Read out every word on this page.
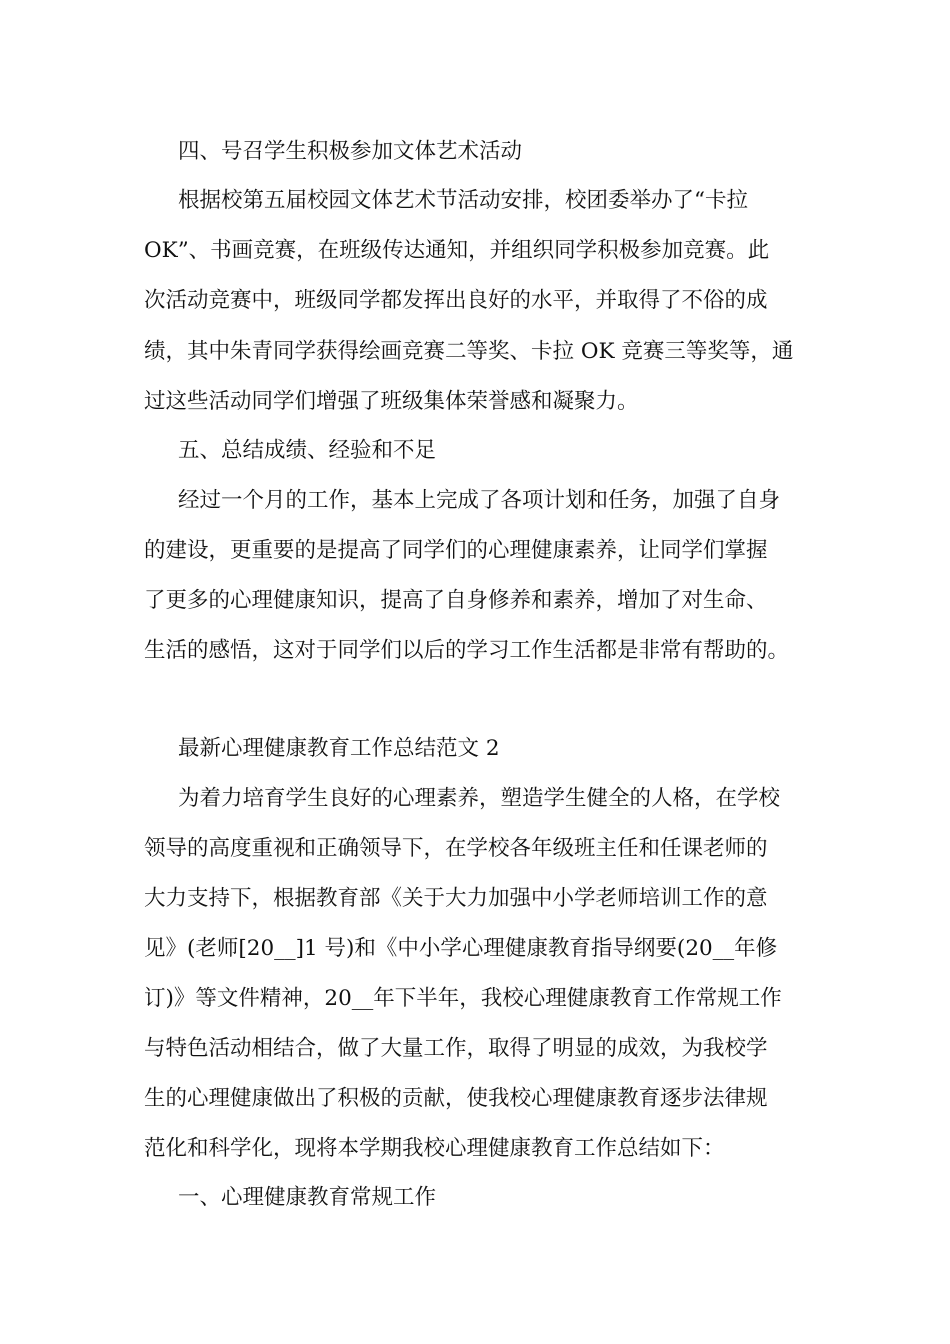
四、号召学生积极参加文体艺术活动

根据校第五届校园文体艺术节活动安排，校团委举办了“卡拉

OK”、书画竞赛，在班级传达通知，并组织同学积极参加竞赛。此

次活动竞赛中，班级同学都发挥出良好的水平，并取得了不俗的成

绩，其中朱青同学获得绘画竞赛二等奖、卡拉 OK 竞赛三等奖等，通

过这些活动同学们增强了班级集体荣誉感和凝聚力。

五、总结成绩、经验和不足

经过一个月的工作，基本上完成了各项计划和任务，加强了自身

的建设，更重要的是提高了同学们的心理健康素养，让同学们掌握

了更多的心理健康知识，提高了自身修养和素养，增加了对生命、

生活的感悟，这对于同学们以后的学习工作生活都是非常有帮助的。

最新心理健康教育工作总结范文 2

为着力培育学生良好的心理素养，塑造学生健全的人格，在学校

领导的高度重视和正确领导下，在学校各年级班主任和任课老师的

大力支持下，根据教育部《关于大力加强中小学老师培训工作的意

见》(老师[20__]1 号)和《中小学心理健康教育指导纲要(20__年修

订)》等文件精神，20__年下半年，我校心理健康教育工作常规工作

与特色活动相结合，做了大量工作，取得了明显的成效，为我校学

生的心理健康做出了积极的贡献，使我校心理健康教育逐步法律规

范化和科学化，现将本学期我校心理健康教育工作总结如下：

一、心理健康教育常规工作
